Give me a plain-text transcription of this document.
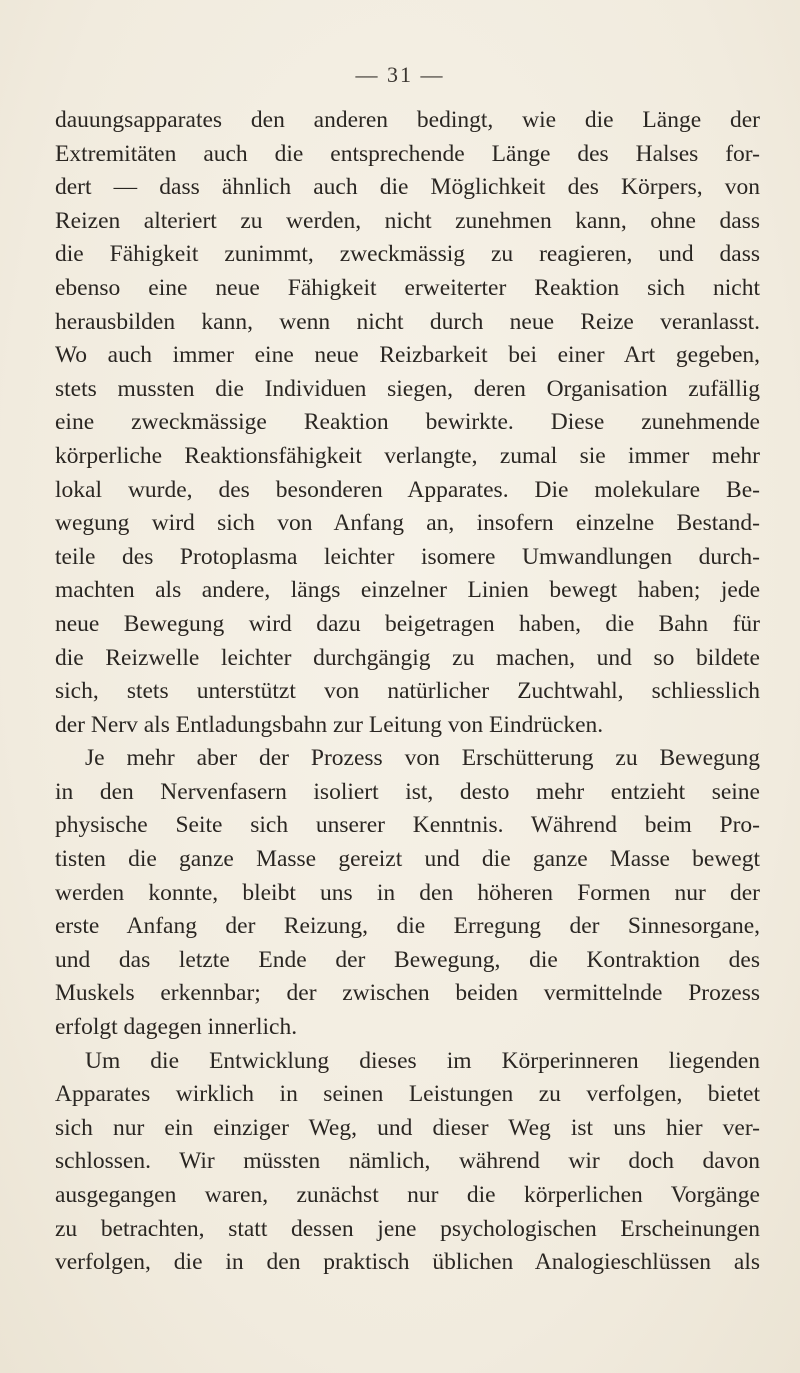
— 31 —
dauungsapparates den anderen bedingt, wie die Länge der
Extremitäten auch die entsprechende Länge des Halses for-
dert — dass ähnlich auch die Möglichkeit des Körpers, von
Reizen alteriert zu werden, nicht zunehmen kann, ohne dass
die Fähigkeit zunimmt, zweckmässig zu reagieren, und dass
ebenso eine neue Fähigkeit erweiterter Reaktion sich nicht
herausbilden kann, wenn nicht durch neue Reize veranlasst.
Wo auch immer eine neue Reizbarkeit bei einer Art gegeben,
stets mussten die Individuen siegen, deren Organisation zufällig
eine zweckmässige Reaktion bewirkte. Diese zunehmende
körperliche Reaktionsfähigkeit verlangte, zumal sie immer mehr
lokal wurde, des besonderen Apparates. Die molekulare Be-
wegung wird sich von Anfang an, insofern einzelne Bestand-
teile des Protoplasma leichter isomere Umwandlungen durch-
machten als andere, längs einzelner Linien bewegt haben; jede
neue Bewegung wird dazu beigetragen haben, die Bahn für
die Reizwelle leichter durchgängig zu machen, und so bildete
sich, stets unterstützt von natürlicher Zuchtwahl, schliesslich
der Nerv als Entladungsbahn zur Leitung von Eindrücken.
Je mehr aber der Prozess von Erschütterung zu Bewegung
in den Nervenfasern isoliert ist, desto mehr entzieht seine
physische Seite sich unserer Kenntnis. Während beim Pro-
tisten die ganze Masse gereizt und die ganze Masse bewegt
werden konnte, bleibt uns in den höheren Formen nur der
erste Anfang der Reizung, die Erregung der Sinnesorgane,
und das letzte Ende der Bewegung, die Kontraktion des
Muskels erkennbar; der zwischen beiden vermittelnde Prozess
erfolgt dagegen innerlich.
Um die Entwicklung dieses im Körperinneren liegenden
Apparates wirklich in seinen Leistungen zu verfolgen, bietet
sich nur ein einziger Weg, und dieser Weg ist uns hier ver-
schlossen. Wir müssten nämlich, während wir doch davon
ausgegangen waren, zunächst nur die körperlichen Vorgänge
zu betrachten, statt dessen jene psychologischen Erscheinungen
verfolgen, die in den praktisch üblichen Analogieschlüssen als
